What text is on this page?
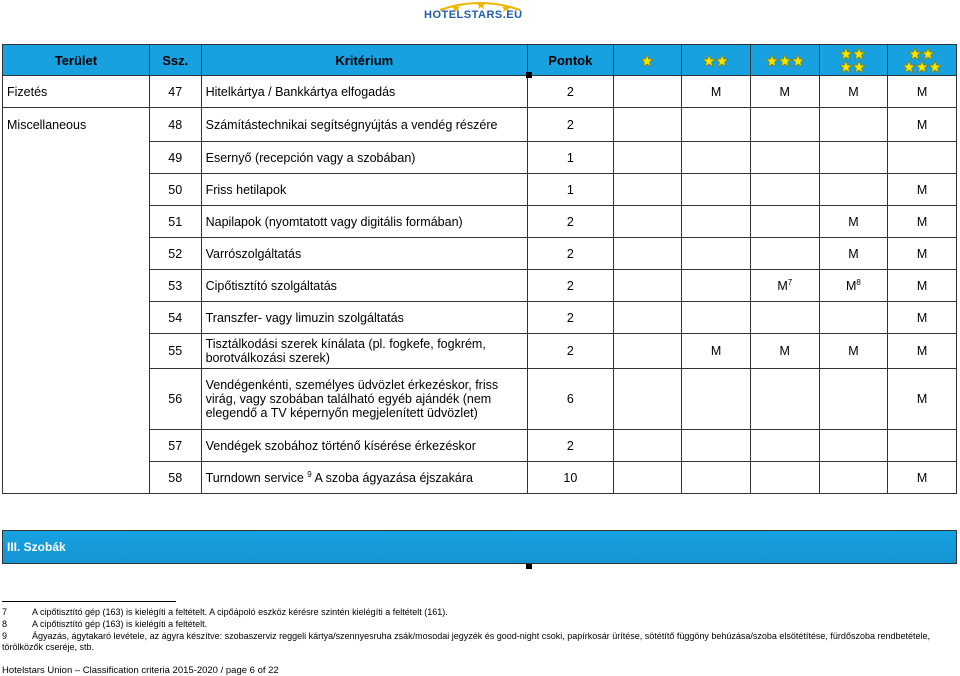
HOTELSTARS.EU
Terület	Ssz.	Kritérium	Pontok					
Fizetés	47	Hitelkártya / Bankkártya elfogadás	2		M	M	M	M
Miscellaneous	48	Számítástechnikai segítségnyújtás a vendég részére	2					M
	49	Esernyő (recepción vagy a szobában)	1					
	50	Friss hetilapok	1					M
	51	Napilapok (nyomtatott vagy digitális formában)	2				M	M
	52	Varrószolgáltatás	2				M	M
	53	Cipőtisztító szolgáltatás	2			$M^7$	$M^8$	M
	54	Transzfer- vagy limuzin szolgáltatás	2					M
	55	Tisztálkodási szerek kínálata (pl. fogkefe, fogkrém, borotválkozási szerek)	2		M	M	M	M
	56	Vendégenkénti, személyes üdvözlet érkezéskor, friss virág, vagy szobában található egyéb ajándék (nem elegendő a TV képernyőn megjelenített üdvözlet)	6					M
	57	Vendégek szobához történő kísérése érkezéskor	2					
	58	Turndown service $^9$ A szoba ágyazása éjszakára	10					M
III. Szobák
7	A cipőtisztító gép (163) is kielégíti a feltételt. A cipőápoló eszköz kérésre szintén kielégíti a feltételt (161).
8	A cipőtisztító gép (163) is kielégíti a feltételt.
9	Ágyazás, ágytakaró levétele, az ágyra készítve: szobaszerviz reggeli kártya/szennyesruha zsák/mosodai jegyzék és good-night csoki, papírkosár ürítése, sötétítő függöny behúzása/szoba elsötétítése, fürdőszoba rendbetétele, törölközők cseréje, stb.
Hotelstars Union – Classification criteria 2015-2020 / page 6 of 22
